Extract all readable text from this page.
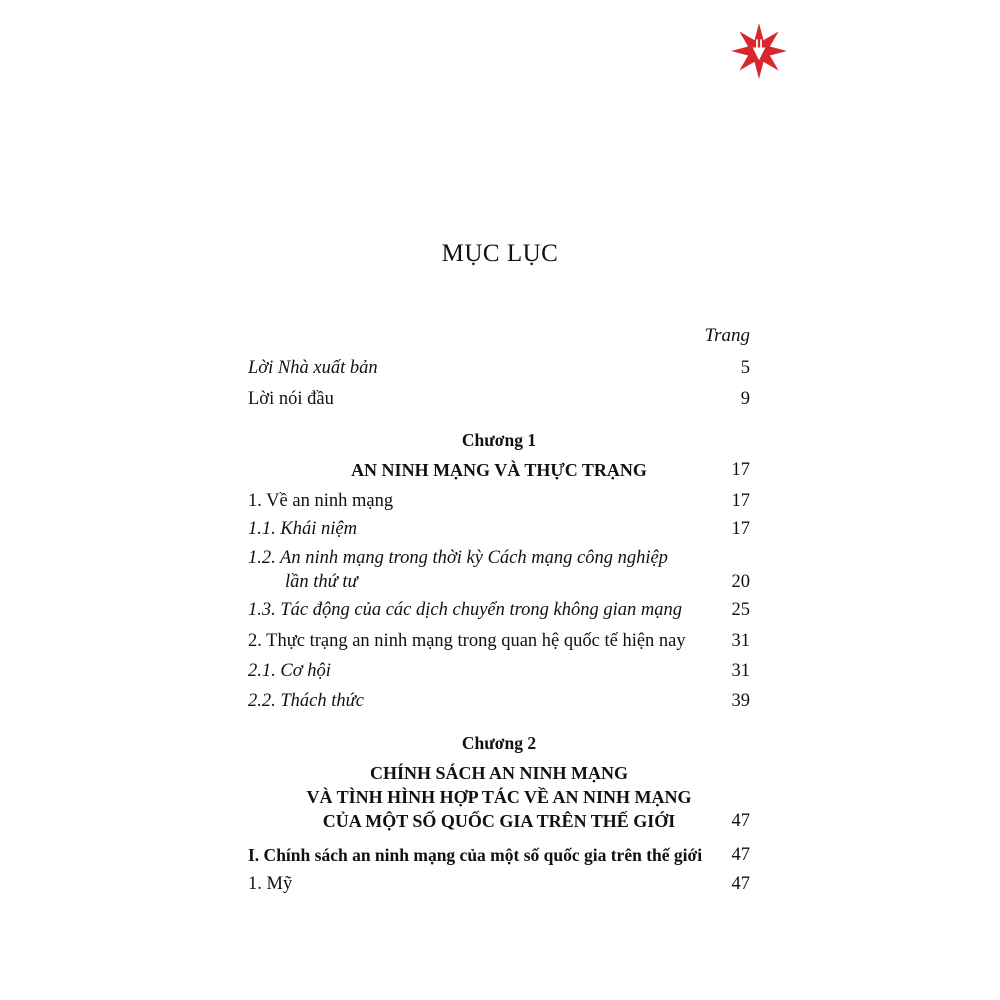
MỤC LỤC
Trang
Lời Nhà xuất bản	5
Lời nói đầu	9
Chương 1
AN NINH MẠNG VÀ THỰC TRẠNG	17
1. Về an ninh mạng	17
1.1. Khái niệm	17
1.2. An ninh mạng trong thời kỳ Cách mạng công nghiệp
lần thứ tư	20
1.3. Tác động của các dịch chuyển trong không gian mạng	25
2. Thực trạng an ninh mạng trong quan hệ quốc tế hiện nay 31
2.1. Cơ hội	31
2.2. Thách thức	39
Chương 2
CHÍNH SÁCH AN NINH MẠNG
VÀ TÌNH HÌNH HỢP TÁC VỀ AN NINH MẠNG
CỦA MỘT SỐ QUỐC GIA TRÊN THẾ GIỚI	47
I. Chính sách an ninh mạng của một số quốc gia trên thế giới 47
1. Mỹ	47
